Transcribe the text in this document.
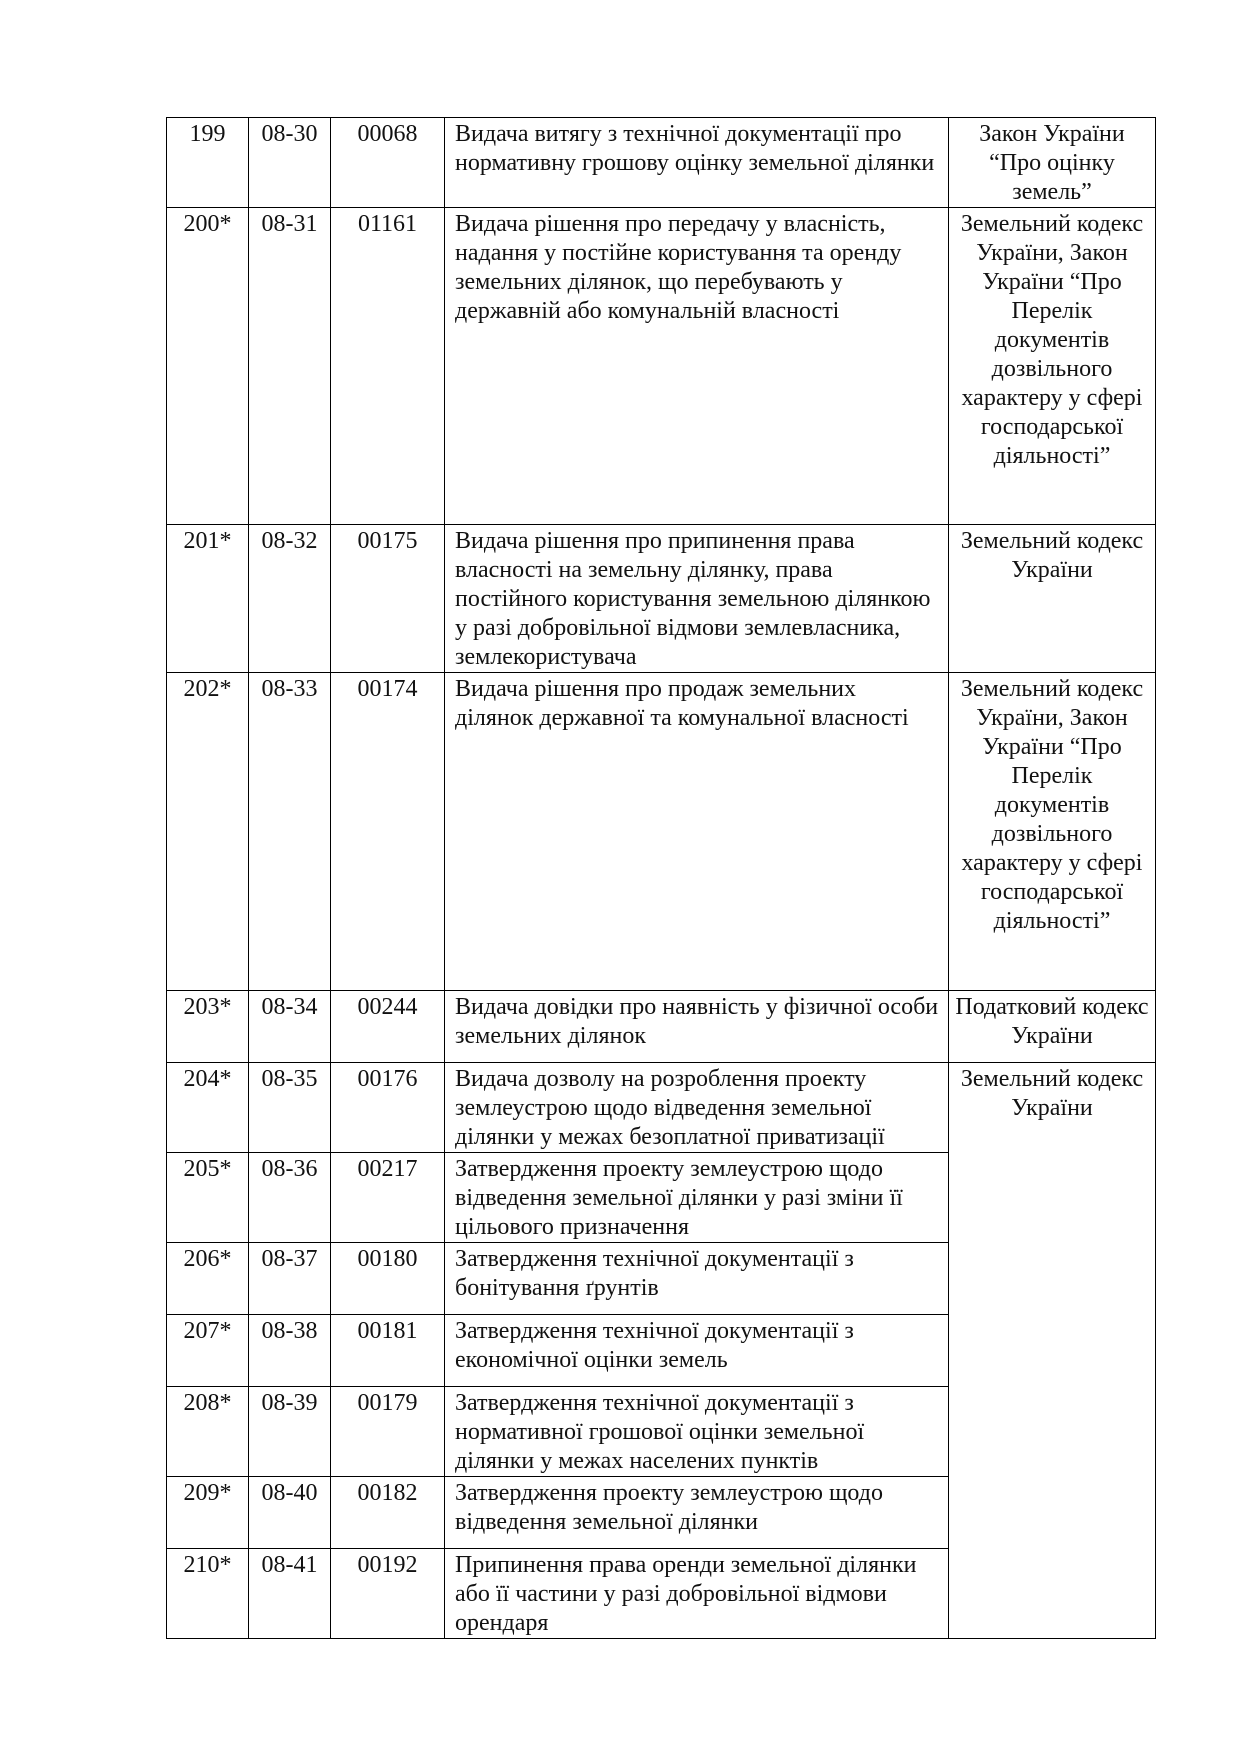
199	08-30	00068	Видача витягу з технічної документації про нормативну грошову оцінку земельної ділянки	Закон України “Про оцінку земель”
200*	08-31	01161	Видача рішення про передачу у власність, надання у постійне користування та оренду земельних ділянок, що перебувають у державній або комунальній власності	Земельний кодекс України, Закон України “Про Перелік документів дозвільного характеру у сфері господарської діяльності”
201*	08-32	00175	Видача рішення про припинення права власності на земельну ділянку, права постійного користування земельною ділянкою у разі добровільної відмови землевласника, землекористувача	Земельний кодекс України
202*	08-33	00174	Видача рішення про продаж земельних ділянок державної та комунальної власності	Земельний кодекс України, Закон України “Про Перелік документів дозвільного характеру у сфері господарської діяльності”
203*	08-34	00244	Видача довідки про наявність у фізичної особи земельних ділянок	Податковий кодекс України
204*	08-35	00176	Видача дозволу на розроблення проекту землеустрою щодо відведення земельної ділянки у межах безоплатної приватизації	Земельний кодекс України
205*	08-36	00217	Затвердження проекту землеустрою щодо відведення земельної ділянки у разі зміни її цільового призначення	
206*	08-37	00180	Затвердження технічної документації з бонітування ґрунтів	
207*	08-38	00181	Затвердження технічної документації з економічної оцінки земель	
208*	08-39	00179	Затвердження технічної документації з нормативної грошової оцінки земельної ділянки у межах населених пунктів	
209*	08-40	00182	Затвердження проекту землеустрою щодо відведення земельної ділянки	
210*	08-41	00192	Припинення права оренди земельної ділянки або її частини у разі добровільної відмови орендаря	
